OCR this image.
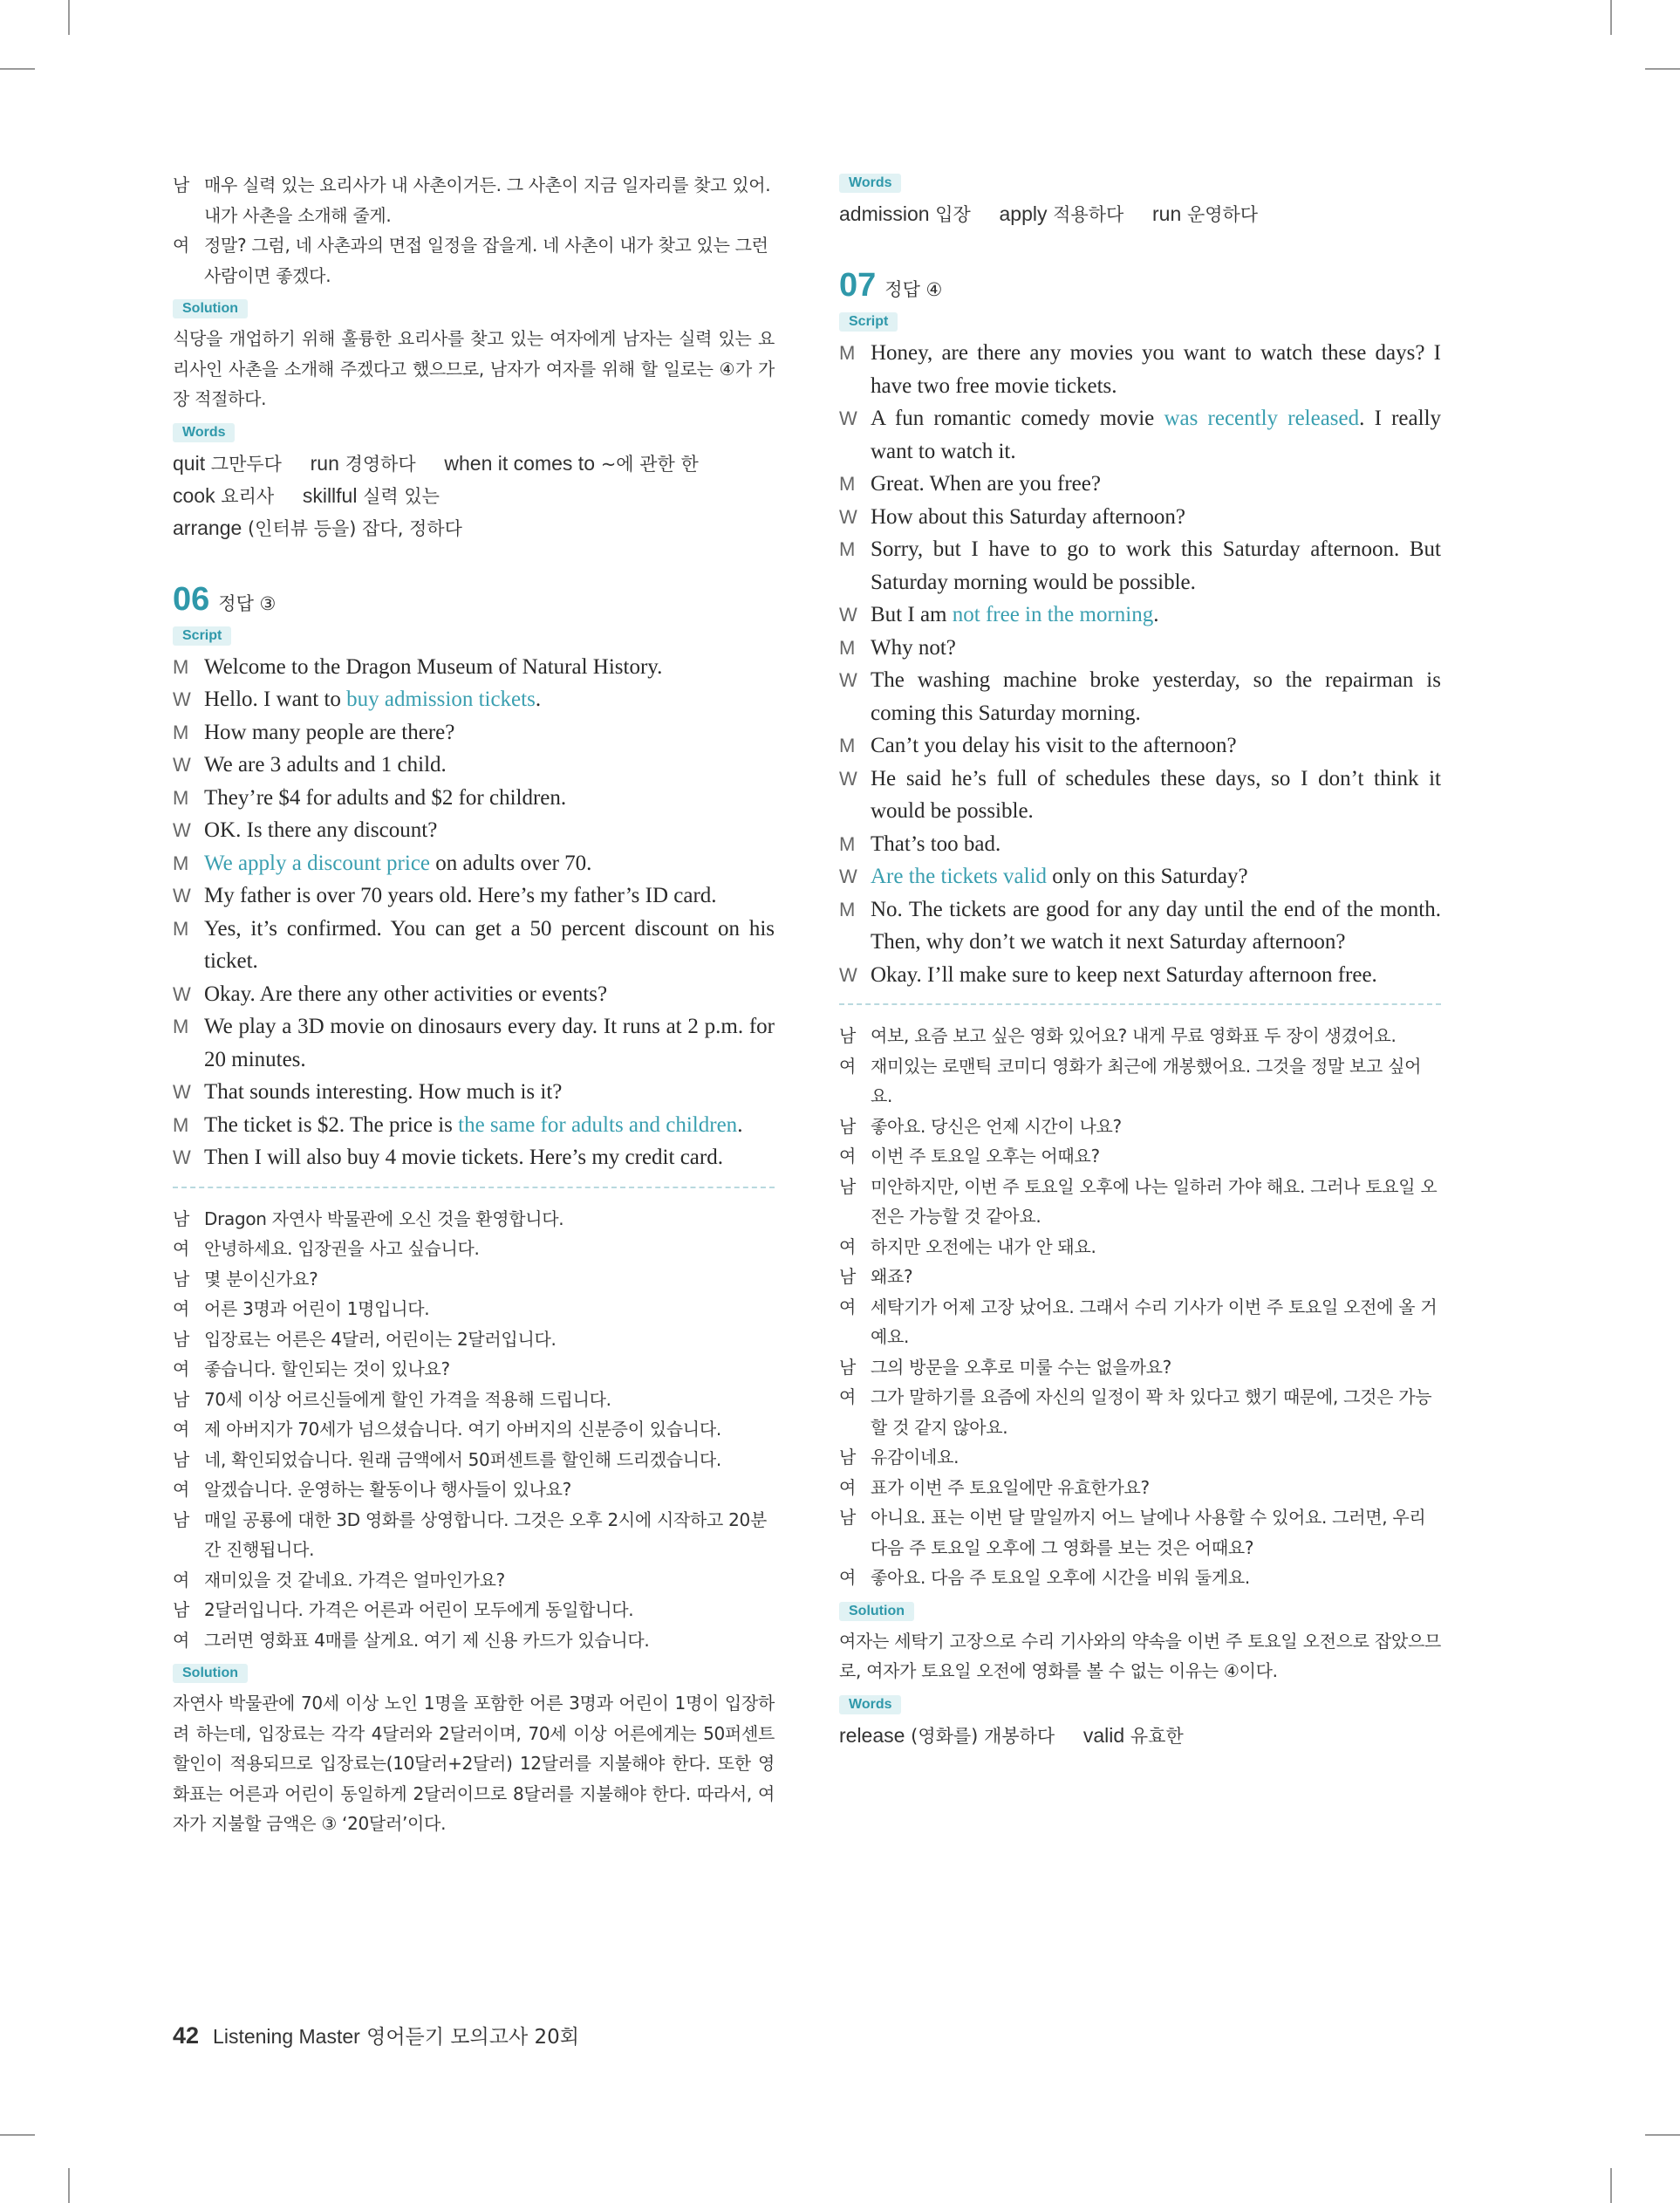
남 매우 실력 있는 요리사가 내 사촌이거든. 그 사촌이 지금 일자리를 찾고 있어. 내가 사촌을 소개해 줄게.
여 정말? 그럼, 네 사촌과의 면접 일정을 잡을게. 네 사촌이 내가 찾고 있는 그런 사람이면 좋겠다.
Solution
식당을 개업하기 위해 훌륭한 요리사를 찾고 있는 여자에게 남자는 실력 있는 요리사인 사촌을 소개해 주겠다고 했으므로, 남자가 여자를 위해 할 일로는 ④가 가장 적절하다.
Words
quit 그만두다 run 경영하다 when it comes to ~에 관한 한 cook 요리사 skillful 실력 있는 arrange (인터뷰 등을) 잡다, 정하다
06 정답 ③
Script
M Welcome to the Dragon Museum of Natural History.
W Hello. I want to buy admission tickets.
M How many people are there?
W We are 3 adults and 1 child.
M They’re $4 for adults and $2 for children.
W OK. Is there any discount?
M We apply a discount price on adults over 70.
W My father is over 70 years old. Here’s my father’s ID card.
M Yes, it’s confirmed. You can get a 50 percent discount on his ticket.
W Okay. Are there any other activities or events?
M We play a 3D movie on dinosaurs every day. It runs at 2 p.m. for 20 minutes.
W That sounds interesting. How much is it?
M The ticket is $2. The price is the same for adults and children.
W Then I will also buy 4 movie tickets. Here’s my credit card.
남 Dragon 자연사 박물관에 오신 것을 환영합니다.
여 안녕하세요. 입장권을 사고 싶습니다.
남 몇 분이신가요?
여 어른 3명과 어린이 1명입니다.
남 입장료는 어른은 4달러, 어린이는 2달러입니다.
여 좋습니다. 할인되는 것이 있나요?
남 70세 이상 어르신들에게 할인 가격을 적용해 드립니다.
여 제 아버지가 70세가 넘으셨습니다. 여기 아버지의 신분증이 있습니다.
남 네, 확인되었습니다. 원래 금액에서 50퍼센트를 할인해 드리겠습니다.
여 알겠습니다. 운영하는 활동이나 행사들이 있나요?
남 매일 공룡에 대한 3D 영화를 상영합니다. 그것은 오후 2시에 시작하고 20분간 진행됩니다.
여 재미있을 것 같네요. 가격은 얼마인가요?
남 2달러입니다. 가격은 어른과 어린이 모두에게 동일합니다.
여 그러면 영화표 4매를 살게요. 여기 제 신용 카드가 있습니다.
Solution
자연사 박물관에 70세 이상 노인 1명을 포함한 어른 3명과 어린이 1명이 입장하려 하는데, 입장료는 각각 4달러와 2달러이며, 70세 이상 어른에게는 50퍼센트 할인이 적용되므로 입장료는(10달러+2달러) 12달러를 지불해야 한다. 또한 영화표는 어른과 어린이 동일하게 2달러이므로 8달러를 지불해야 한다. 따라서, 여자가 지불할 금액은 ③ ‘20달러’이다.
Words
admission 입장 apply 적용하다 run 운영하다
07 정답 ④
Script
M Honey, are there any movies you want to watch these days? I have two free movie tickets.
W A fun romantic comedy movie was recently released. I really want to watch it.
M Great. When are you free?
W How about this Saturday afternoon?
M Sorry, but I have to go to work this Saturday afternoon. But Saturday morning would be possible.
W But I am not free in the morning.
M Why not?
W The washing machine broke yesterday, so the repairman is coming this Saturday morning.
M Can’t you delay his visit to the afternoon?
W He said he’s full of schedules these days, so I don’t think it would be possible.
M That’s too bad.
W Are the tickets valid only on this Saturday?
M No. The tickets are good for any day until the end of the month. Then, why don’t we watch it next Saturday afternoon?
W Okay. I’ll make sure to keep next Saturday afternoon free.
남 여보, 요즘 보고 싶은 영화 있어요? 내게 무료 영화표 두 장이 생겼어요.
여 재미있는 로맨틱 코미디 영화가 최근에 개봉했어요. 그것을 정말 보고 싶어요.
남 좋아요. 당신은 언제 시간이 나요?
여 이번 주 토요일 오후는 어때요?
남 미안하지만, 이번 주 토요일 오후에 나는 일하러 가야 해요. 그러나 토요일 오전은 가능할 것 같아요.
여 하지만 오전에는 내가 안 돼요.
남 왜죠?
여 세탁기가 어제 고장 났어요. 그래서 수리 기사가 이번 주 토요일 오전에 올 거예요.
남 그의 방문을 오후로 미룰 수는 없을까요?
여 그가 말하기를 요즘에 자신의 일정이 꽉 차 있다고 했기 때문에, 그것은 가능할 것 같지 않아요.
남 유감이네요.
여 표가 이번 주 토요일에만 유효한가요?
남 아니요. 표는 이번 달 말일까지 어느 날에나 사용할 수 있어요. 그러면, 우리 다음 주 토요일 오후에 그 영화를 보는 것은 어때요?
여 좋아요. 다음 주 토요일 오후에 시간을 비워 둘게요.
Solution
여자는 세탁기 고장으로 수리 기사와의 약속을 이번 주 토요일 오전으로 잡았으므로, 여자가 토요일 오전에 영화를 볼 수 없는 이유는 ④이다.
Words
release (영화를) 개봉하다 valid 유효한
42 Listening Master 영어듣기 모의고사 20회
